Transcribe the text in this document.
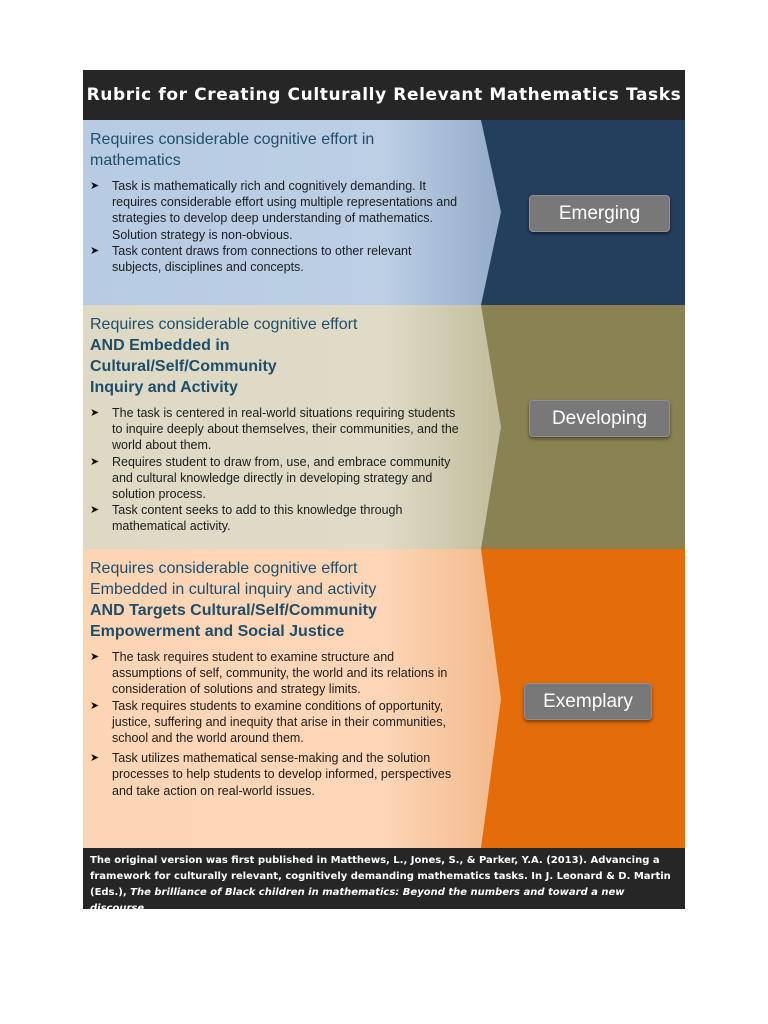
Rubric for Creating Culturally Relevant Mathematics Tasks
Requires considerable cognitive effort in mathematics
➤ Task is mathematically rich and cognitively demanding. It requires considerable effort using multiple representations and strategies to develop deep understanding of mathematics. Solution strategy is non-obvious.
➤ Task content draws from connections to other relevant subjects, disciplines and concepts.
Emerging
Requires considerable cognitive effort
AND Embedded in Cultural/Self/Community Inquiry and Activity
➤ The task is centered in real-world situations requiring students to inquire deeply about themselves, their communities, and the world about them.
➤ Requires student to draw from, use, and embrace community and cultural knowledge directly in developing strategy and solution process.
➤ Task content seeks to add to this knowledge through mathematical activity.
Developing
Requires considerable cognitive effort
Embedded in cultural inquiry and activity
AND Targets Cultural/Self/Community Empowerment and Social Justice
➤ The task requires student to examine structure and assumptions of self, community, the world and its relations in consideration of solutions and strategy limits.
➤ Task requires students to examine conditions of opportunity, justice, suffering and inequity that arise in their communities, school and the world around them.
➤ Task utilizes mathematical sense-making and the solution processes to help students to develop informed, perspectives and take action on real-world issues.
Exemplary
The original version was first published in Matthews, L., Jones, S., & Parker, Y.A. (2013). Advancing a framework for culturally relevant, cognitively demanding mathematics tasks. In J. Leonard & D. Martin (Eds.), The brilliance of Black children in mathematics: Beyond the numbers and toward a new discourse.
